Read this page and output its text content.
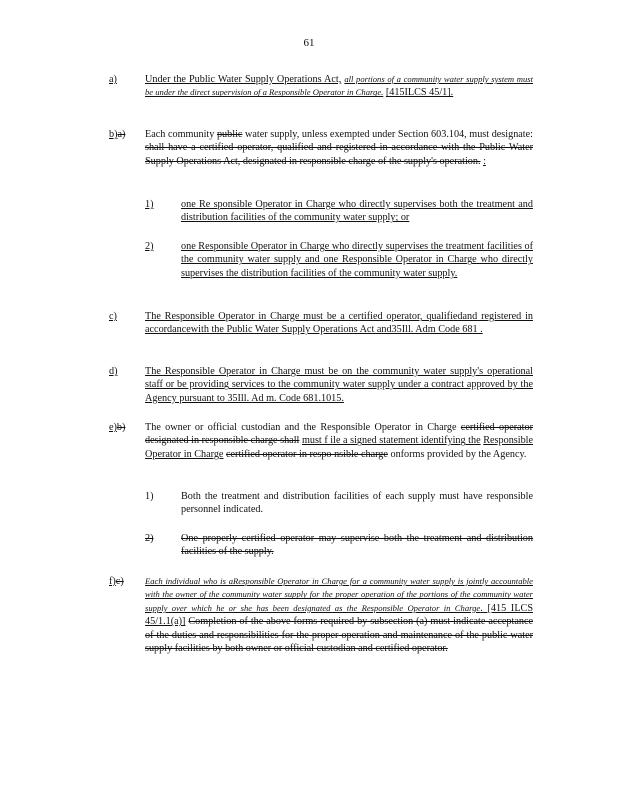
61
a)	Under the Public Water Supply Operations Act, all portions of a community water supply system must be under the direct supervision of a Responsible Operator in Charge. [415ILCS 45/1].
b)a) Each community public water supply, unless exempted under Section 603.104, must designate: shall have a certified operator, qualified and registered in accordance with the Public Water Supply Operations Act, designated in responsible charge of the supply's operation. :
1)	one Re sponsible Operator in Charge who directly supervises both the treatment and distribution facilities of the community water supply; or
2)	one Responsible Operator in Charge who directly supervises the treatment facilities of the community water supply and one Responsible Operator in Charge who directly supervises the distribution facilities of the community water supply.
c)	The Responsible Operator in Charge must be a certified operator, qualifiedand registered in accordancewith the Public Water Supply Operations Act and35Ill. Adm Code 681 .
d)	The Responsible Operator in Charge must be on the community water supply's operational staff or be providing services to the community water supply under a contract approved by the Agency pursuant to 35Ill. Ad m. Code 681.1015.
e)b) The owner or official custodian and the Responsible Operator in Charge certified operator designated in responsible charge shall must f ile a signed statement identifying the Responsible Operator in Charge certified operator in respo nsible charge onforms provided by the Agency.
1)	Both the treatment and distribution facilities of each supply must have responsible personnel indicated.
2)	One properly certified operator may supervise both the treatment and distribution facilities of the supply.
f)c) Each individual who is aResponsible Operator in Charge for a community water supply is jointly accountable with the owner of the community water supply for the proper operation of the portions of the community water supply over which he or she has been designated as the Responsible Operator in Charge. [415 ILCS 45/1.1(a)] Completion of the above forms required by subsection (a) must indicate acceptance of the duties and responsibilities for the proper operation and maintenance of the public water supply facilities by both owner or official custodian and certified operator.
